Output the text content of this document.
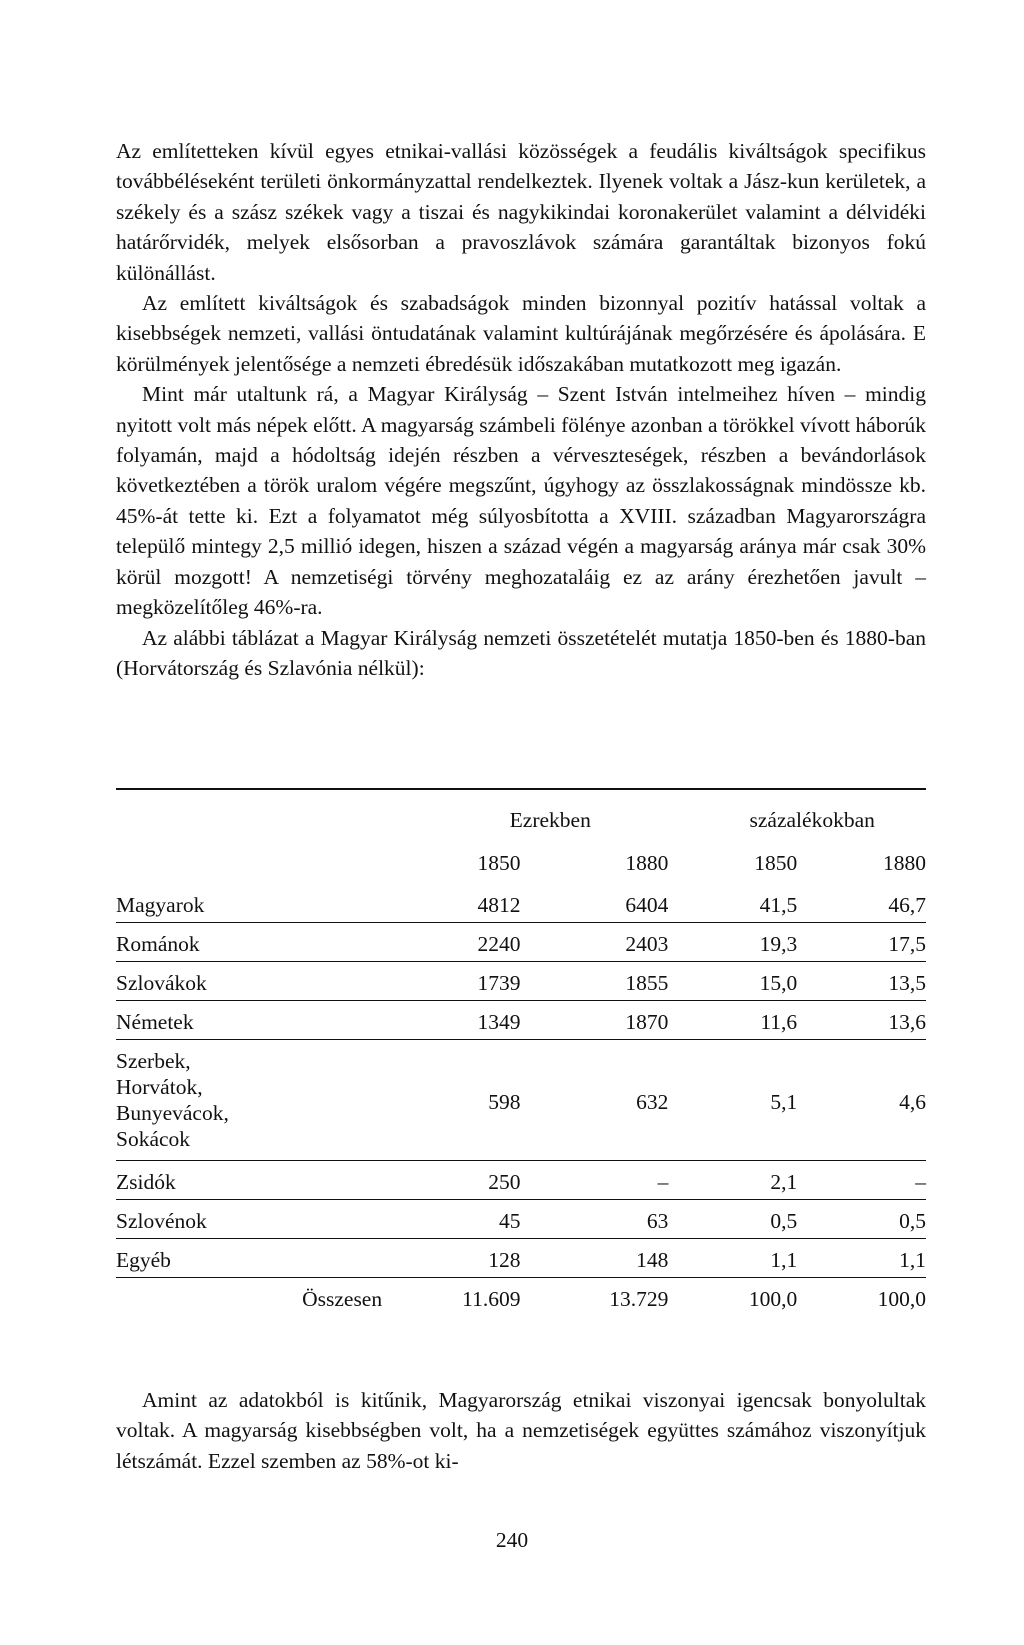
Az említetteken kívül egyes etnikai-vallási közösségek a feudális kiváltságok specifikus továbbéléseként területi önkormányzattal rendelkeztek. Ilyenek voltak a Jász-kun kerületek, a székely és a szász székek vagy a tiszai és nagykikindai koronakerület valamint a délvidéki határőrvidék, melyek elsősorban a pravoszlávok számára garantáltak bizonyos fokú különállást.

Az említett kiváltságok és szabadságok minden bizonnyal pozitív hatással voltak a kisebbségek nemzeti, vallási öntudatának valamint kultúrájának megőrzésére és ápolására. E körülmények jelentősége a nemzeti ébredésük időszakában mutatkozott meg igazán.

Mint már utaltunk rá, a Magyar Királyság – Szent István intelmeihez híven – mindig nyitott volt más népek előtt. A magyarság számbeli fölénye azonban a törökkel vívott háborúk folyamán, majd a hódoltság idején részben a vérveszteségek, részben a bevándorlások következtében a török uralom végére megszűnt, úgyhogy az összlakosságnak mindössze kb. 45%-át tette ki. Ezt a folyamatot még súlyosbította a XVIII. században Magyarországra települő mintegy 2,5 millió idegen, hiszen a század végén a magyarság aránya már csak 30% körül mozgott! A nemzetiségi törvény meghozataláig ez az arány érezhetően javult – megközelítőleg 46%-ra.

Az alábbi táblázat a Magyar Királyság nemzeti összetételét mutatja 1850-ben és 1880-ban (Horvátország és Szlavónia nélkül):

	Ezrekben		százalékokban	
	1850	1880	1850	1880
Magyarok	4812	6404	41,5	46,7
Románok	2240	2403	19,3	17,5
Szlovákok	1739	1855	15,0	13,5
Németek	1349	1870	11,6	13,6
Szerbek,
Horvátok,
Bunyevácok,
Sokácok	598	632	5,1	4,6
Zsidók	250	–	2,1	–
Szlovénok	45	63	0,5	0,5
Egyéb	128	148	1,1	1,1
Összesen	11.609	13.729	100,0	100,0

Amint az adatokból is kitűnik, Magyarország etnikai viszonyai igencsak bonyolultak voltak. A magyarság kisebbségben volt, ha a nemzetiségek együttes számához viszonyítjuk létszámát. Ezzel szemben az 58%-ot ki-

240
